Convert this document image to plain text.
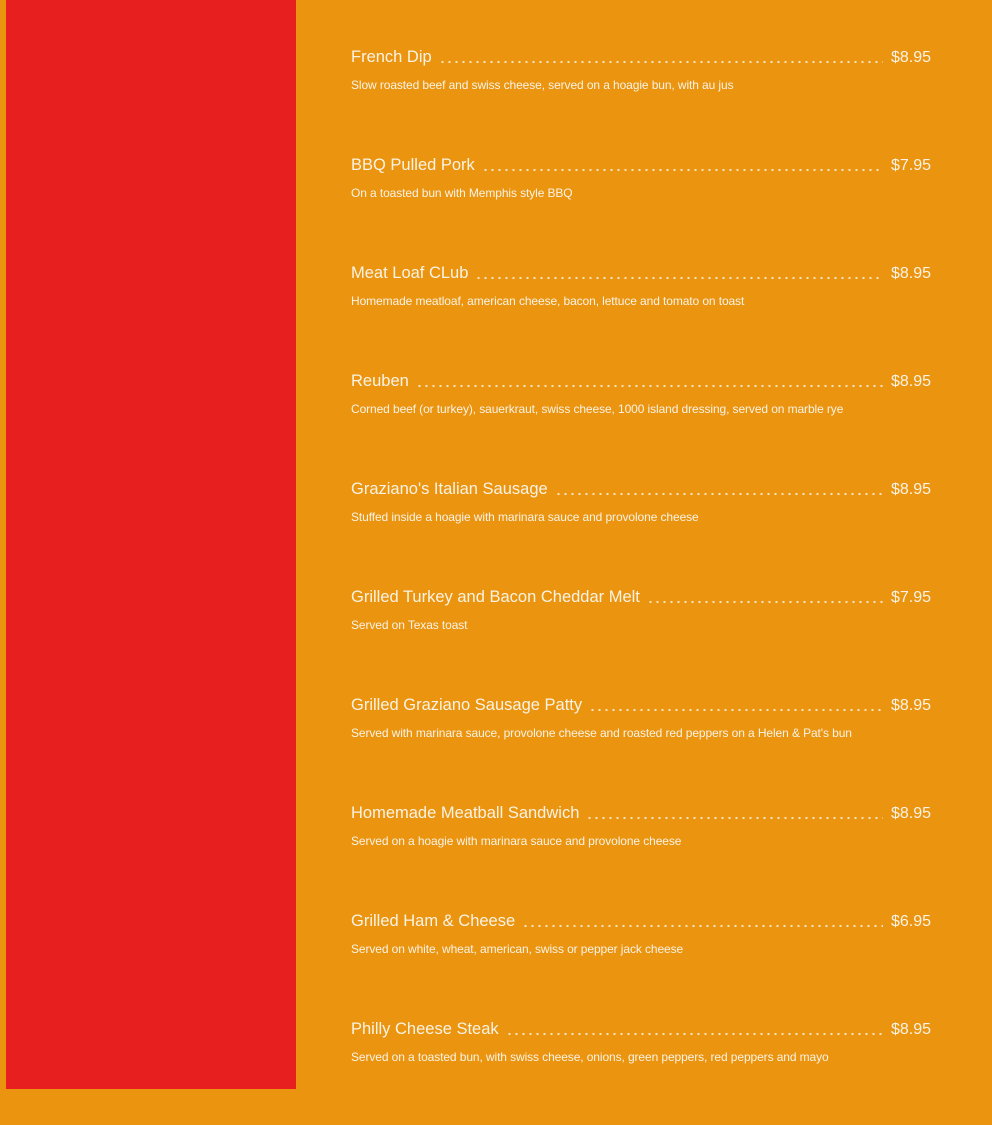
French Dip	$8.95
Slow roasted beef and swiss cheese, served on a hoagie bun, with au jus
BBQ Pulled Pork	$7.95
On a toasted bun with Memphis style BBQ
Meat Loaf CLub	$8.95
Homemade meatloaf, american cheese, bacon, lettuce and tomato on toast
Reuben	$8.95
Corned beef (or turkey), sauerkraut, swiss cheese, 1000 island dressing, served on marble rye
Graziano's Italian Sausage	$8.95
Stuffed inside a hoagie with marinara sauce and provolone cheese
Grilled Turkey and Bacon Cheddar Melt	$7.95
Served on Texas toast
Grilled Graziano Sausage Patty	$8.95
Served with marinara sauce, provolone cheese and roasted red peppers on a Helen & Pat's bun
Homemade Meatball Sandwich	$8.95
Served on a hoagie with marinara sauce and provolone cheese
Grilled Ham & Cheese	$6.95
Served on white, wheat, american, swiss or pepper jack cheese
Philly Cheese Steak	$8.95
Served on a toasted bun, with swiss cheese, onions, green peppers, red peppers and mayo
